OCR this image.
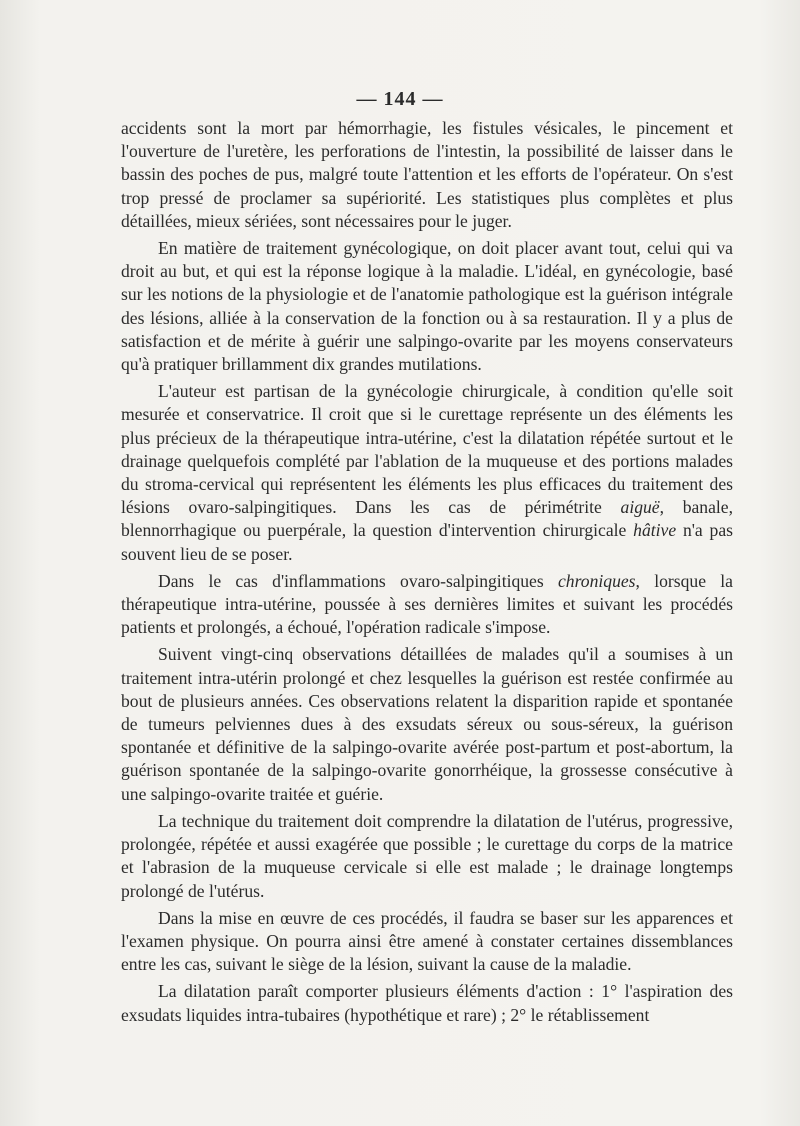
— 144 —

accidents sont la mort par hémorrhagie, les fistules vésicales, le pincement et l'ouverture de l'uretère, les perforations de l'intestin, la possibilité de laisser dans le bassin des poches de pus, malgré toute l'attention et les efforts de l'opérateur. On s'est trop pressé de proclamer sa supériorité. Les statistiques plus complètes et plus détaillées, mieux sériées, sont nécessaires pour le juger.

En matière de traitement gynécologique, on doit placer avant tout, celui qui va droit au but, et qui est la réponse logique à la maladie. L'idéal, en gynécologie, basé sur les notions de la physiologie et de l'anatomie pathologique est la guérison intégrale des lésions, alliée à la conservation de la fonction ou à sa restauration. Il y a plus de satisfaction et de mérite à guérir une salpingo-ovarite par les moyens conservateurs qu'à pratiquer brillamment dix grandes mutilations.

L'auteur est partisan de la gynécologie chirurgicale, à condition qu'elle soit mesurée et conservatrice. Il croit que si le curettage représente un des éléments les plus précieux de la thérapeutique intra-utérine, c'est la dilatation répétée surtout et le drainage quelquefois complété par l'ablation de la muqueuse et des portions malades du stroma-cervical qui représentent les éléments les plus efficaces du traitement des lésions ovaro-salpingitiques. Dans les cas de périmétrite aiguë, banale, blennorrhagique ou puerpérale, la question d'intervention chirurgicale hâtive n'a pas souvent lieu de se poser.

Dans le cas d'inflammations ovaro-salpingitiques chroniques, lorsque la thérapeutique intra-utérine, poussée à ses dernières limites et suivant les procédés patients et prolongés, a échoué, l'opération radicale s'impose.

Suivent vingt-cinq observations détaillées de malades qu'il a soumises à un traitement intra-utérin prolongé et chez lesquelles la guérison est restée confirmée au bout de plusieurs années. Ces observations relatent la disparition rapide et spontanée de tumeurs pelviennes dues à des exsudats séreux ou sous-séreux, la guérison spontanée et définitive de la salpingo-ovarite avérée post-partum et post-abortum, la guérison spontanée de la salpingo-ovarite gonorrhéique, la grossesse consécutive à une salpingo-ovarite traitée et guérie.

La technique du traitement doit comprendre la dilatation de l'utérus, progressive, prolongée, répétée et aussi exagérée que possible ; le curettage du corps de la matrice et l'abrasion de la muqueuse cervicale si elle est malade ; le drainage longtemps prolongé de l'utérus.

Dans la mise en œuvre de ces procédés, il faudra se baser sur les apparences et l'examen physique. On pourra ainsi être amené à constater certaines dissemblances entre les cas, suivant le siège de la lésion, suivant la cause de la maladie.

La dilatation paraît comporter plusieurs éléments d'action : 1° l'aspiration des exsudats liquides intra-tubaires (hypothétique et rare) ; 2° le rétablissement
